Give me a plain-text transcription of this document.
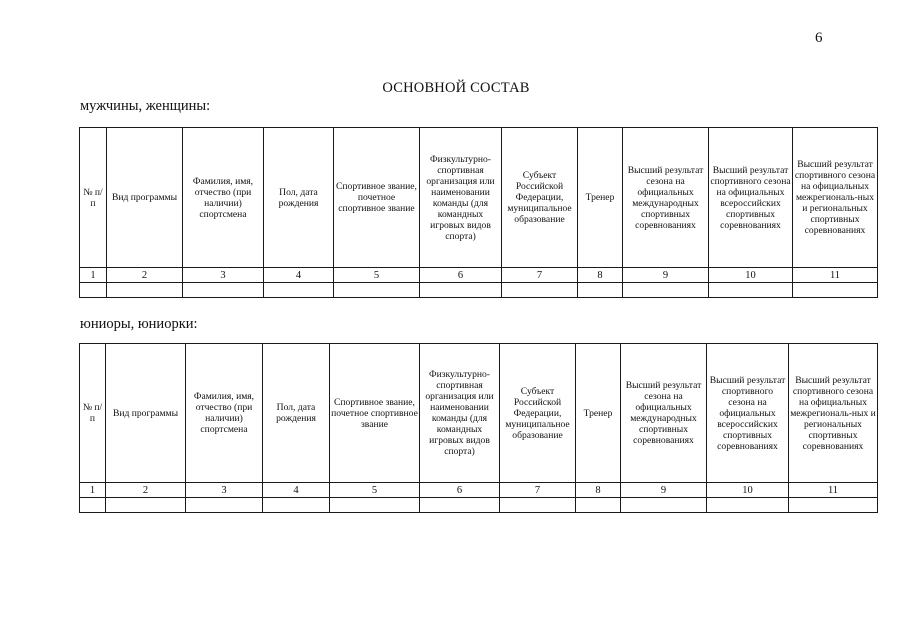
6
ОСНОВНОЙ СОСТАВ
мужчины, женщины:
№ п/п	Вид программы	Фамилия, имя, отчество (при наличии) спортсмена	Пол, дата рождения	Спортивное звание, почетное спортивное звание	Физкультурно-спортивная организация или наименовании команды (для командных игровых видов спорта)	Субъект Российской Федерации, муниципальное образование	Тренер	Высший результат сезона на официальных международных спортивных соревнованиях	Высший результат спортивного сезона на официальных всероссийских спортивных соревнованиях	Высший результат спортивного сезона на официальных межрегиональ-ных и региональных спортивных соревнованиях
1	2	3	4	5	6	7	8	9	10	11

юниоры, юниорки:
№ п/п	Вид программы	Фамилия, имя, отчество (при наличии) спортсмена	Пол, дата рождения	Спортивное звание, почетное спортивное звание	Физкультурно-спортивная организация или наименовании команды (для командных игровых видов спорта)	Субъект Российской Федерации, муниципальное образование	Тренер	Высший результат сезона на официальных международных спортивных соревнованиях	Высший результат спортивного сезона на официальных всероссийских спортивных соревнованиях	Высший результат спортивного сезона на официальных межрегиональ-ных и региональных спортивных соревнованиях
1	2	3	4	5	6	7	8	9	10	11
